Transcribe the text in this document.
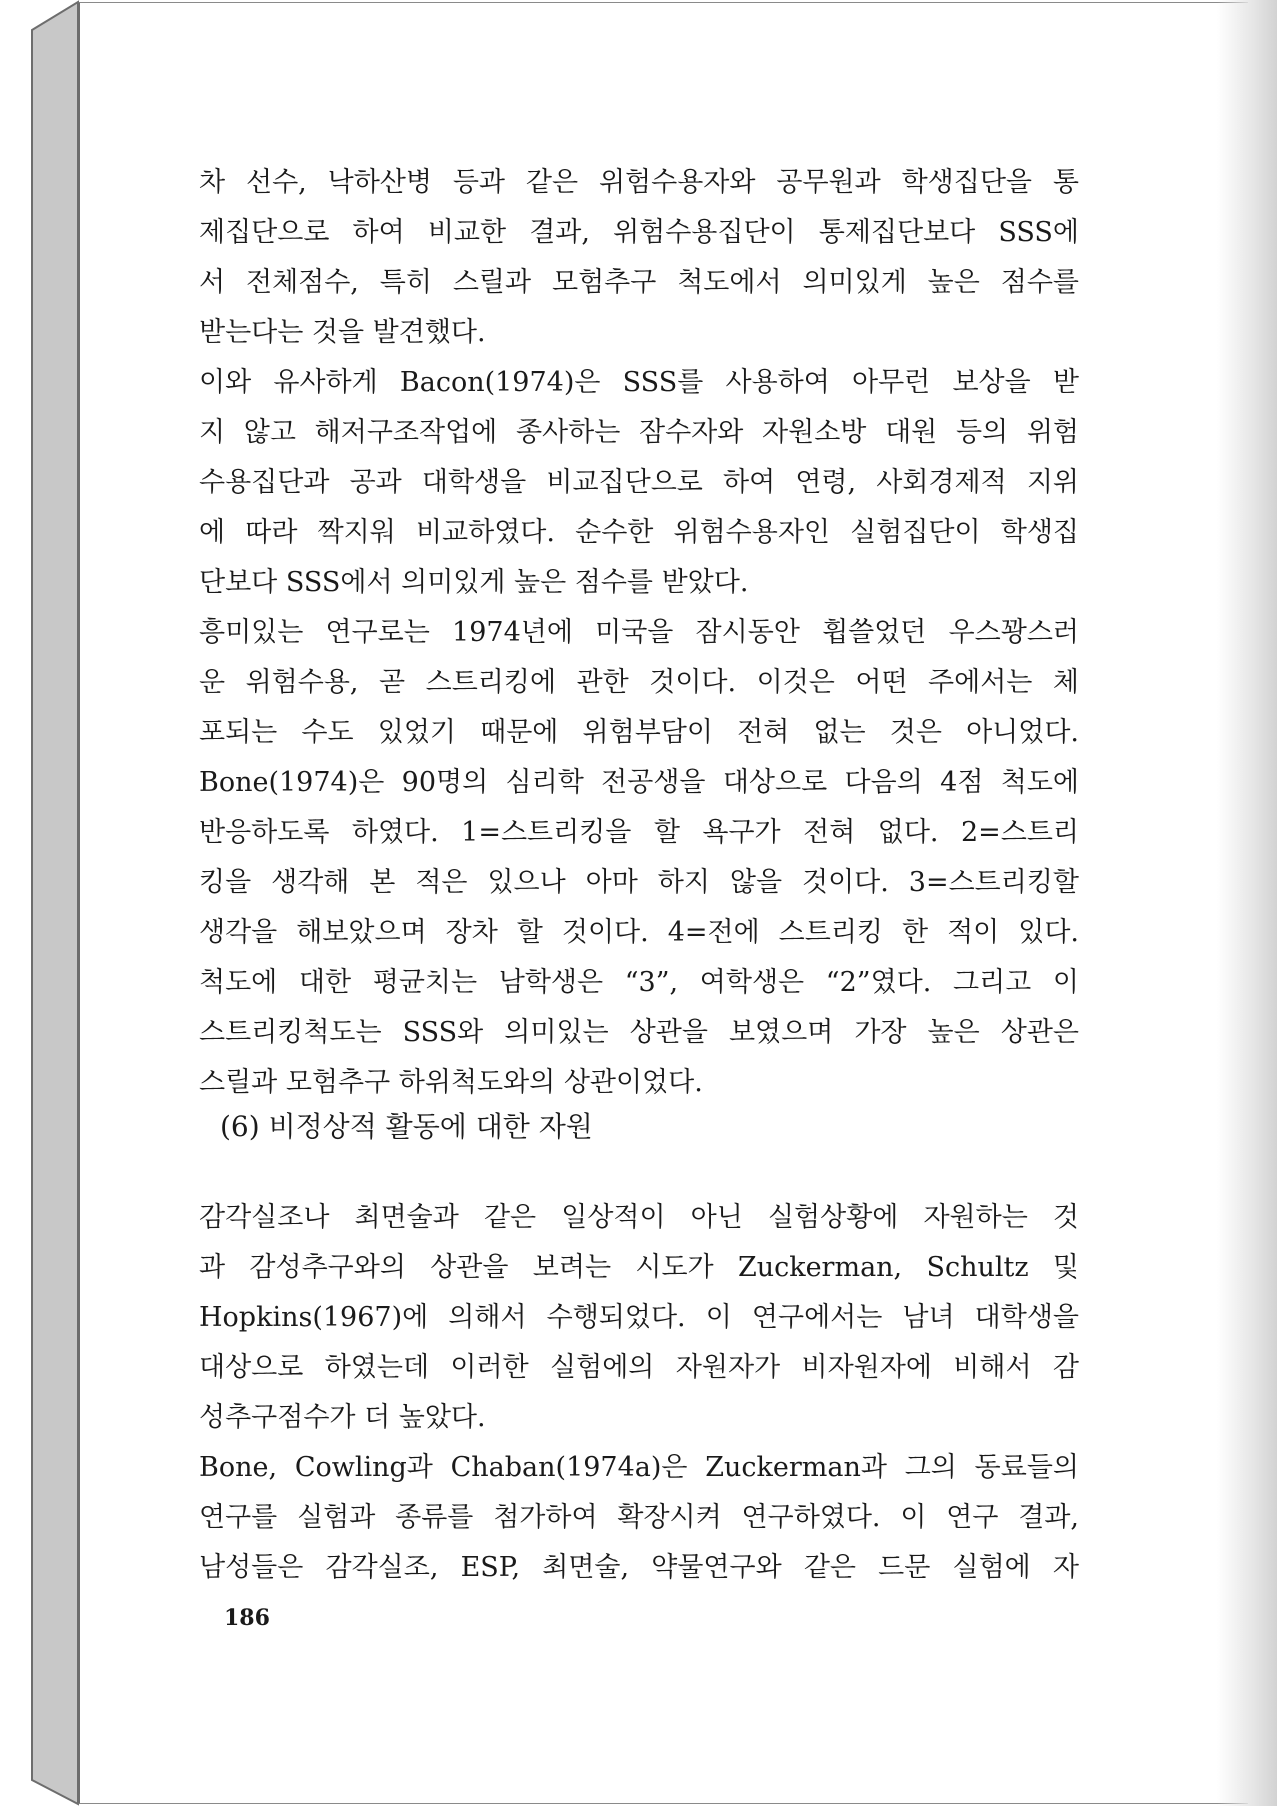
차 선수, 낙하산병 등과 같은 위험수용자와 공무원과 학생집단을 통
제집단으로 하여 비교한 결과, 위험수용집단이 통제집단보다 SSS에
서 전체점수, 특히 스릴과 모험추구 척도에서 의미있게 높은 점수를
받는다는 것을 발견했다.
이와 유사하게 Bacon(1974)은 SSS를 사용하여 아무런 보상을 받
지 않고 해저구조작업에 종사하는 잠수자와 자원소방 대원 등의 위험
수용집단과 공과 대학생을 비교집단으로 하여 연령, 사회경제적 지위
에 따라 짝지워 비교하였다. 순수한 위험수용자인 실험집단이 학생집
단보다 SSS에서 의미있게 높은 점수를 받았다.
흥미있는 연구로는 1974년에 미국을 잠시동안 휩쓸었던 우스꽝스러
운 위험수용, 곧 스트리킹에 관한 것이다. 이것은 어떤 주에서는 체
포되는 수도 있었기 때문에 위험부담이 전혀 없는 것은 아니었다.
Bone(1974)은 90명의 심리학 전공생을 대상으로 다음의 4점 척도에
반응하도록 하였다. 1=스트리킹을 할 욕구가 전혀 없다. 2=스트리
킹을 생각해 본 적은 있으나 아마 하지 않을 것이다. 3=스트리킹할
생각을 해보았으며 장차 할 것이다. 4=전에 스트리킹 한 적이 있다.
척도에 대한 평균치는 남학생은 “3”, 여학생은 “2”였다. 그리고 이
스트리킹척도는 SSS와 의미있는 상관을 보였으며 가장 높은 상관은
스릴과 모험추구 하위척도와의 상관이었다.
(6) 비정상적 활동에 대한 자원
감각실조나 최면술과 같은 일상적이 아닌 실험상황에 자원하는 것
과 감성추구와의 상관을 보려는 시도가 Zuckerman, Schultz 및
Hopkins(1967)에 의해서 수행되었다. 이 연구에서는 남녀 대학생을
대상으로 하였는데 이러한 실험에의 자원자가 비자원자에 비해서 감
성추구점수가 더 높았다.
Bone, Cowling과 Chaban(1974a)은 Zuckerman과 그의 동료들의
연구를 실험과 종류를 첨가하여 확장시켜 연구하였다. 이 연구 결과,
남성들은 감각실조, ESP, 최면술, 약물연구와 같은 드문 실험에 자
186
